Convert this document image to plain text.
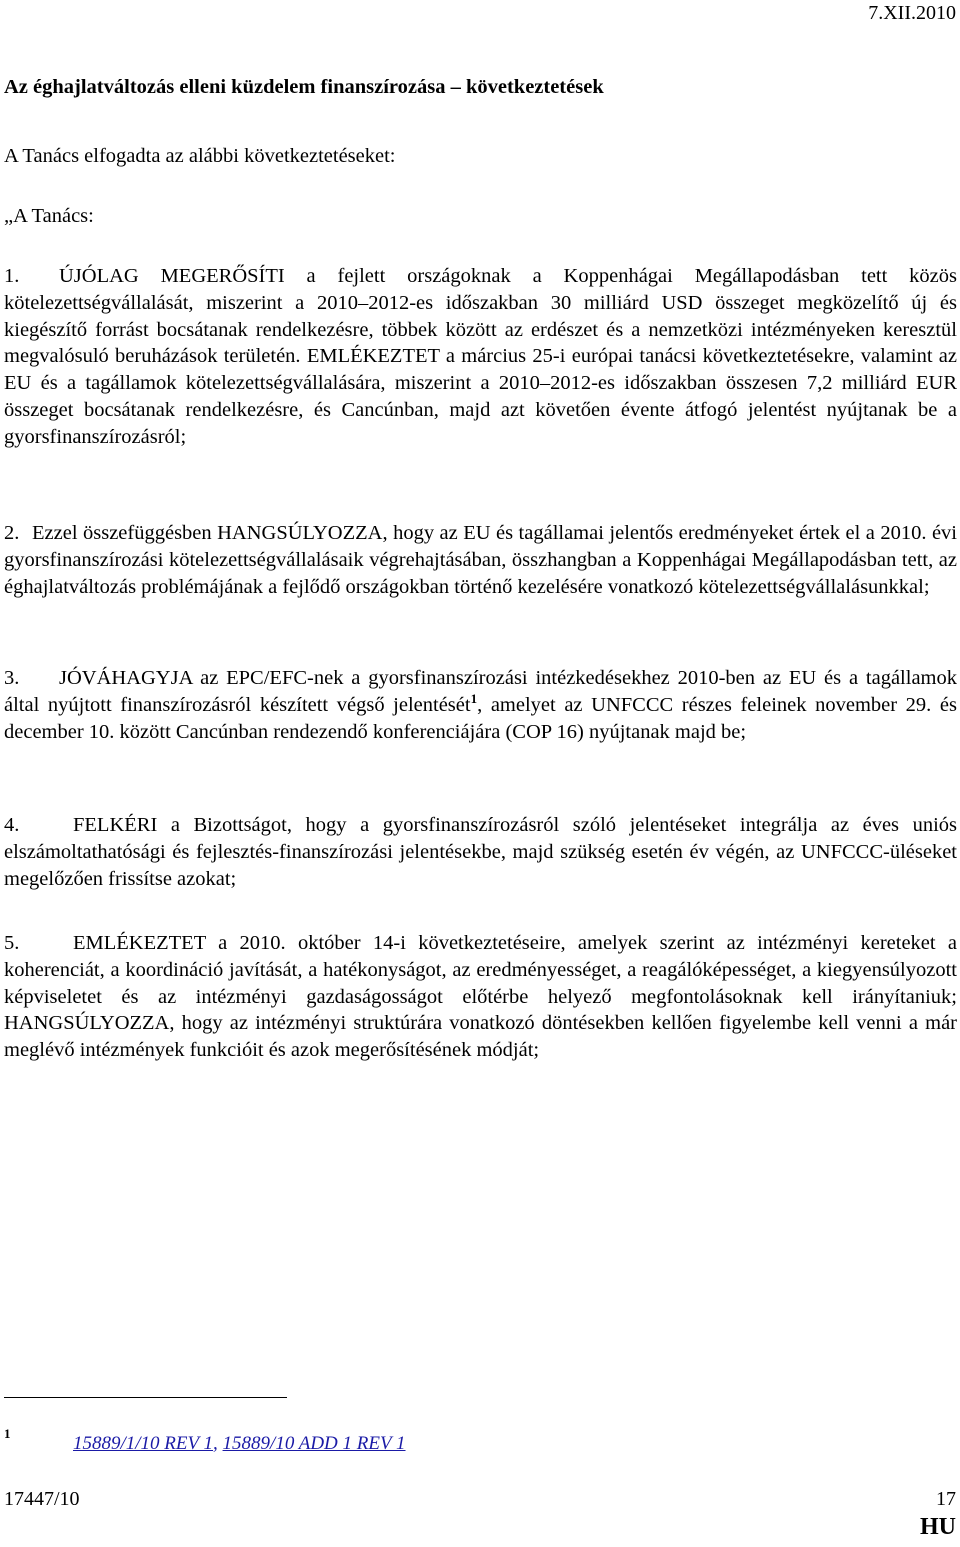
7.XII.2010
Az éghajlatváltozás elleni küzdelem finanszírozása – következtetések
A Tanács elfogadta az alábbi következtetéseket:
„A Tanács:
1. ÚJÓLAG MEGERŐSÍTI a fejlett országoknak a Koppenhágai Megállapodásban tett közös kötelezettségvállalását, miszerint a 2010–2012-es időszakban 30 milliárd USD összeget megközelítő új és kiegészítő forrást bocsátanak rendelkezésre, többek között az erdészet és a nemzetközi intézményeken keresztül megvalósuló beruházások területén. EMLÉKEZTET a március 25-i európai tanácsi következtetésekre, valamint az EU és a tagállamok kötelezettségvállalására, miszerint a 2010–2012-es időszakban összesen 7,2 milliárd EUR összeget bocsátanak rendelkezésre, és Cancúnban, majd azt követően évente átfogó jelentést nyújtanak be a gyorsfinanszírozásról;
2. Ezzel összefüggésben HANGSÚLYOZZA, hogy az EU és tagállamai jelentős eredményeket értek el a 2010. évi gyorsfinanszírozási kötelezettségvállalásaik végrehajtásában, összhangban a Koppenhágai Megállapodásban tett, az éghajlatváltozás problémájának a fejlődő országokban történő kezelésére vonatkozó kötelezettségvállalásunkkal;
3. JÓVÁHAGYJA az EPC/EFC-nek a gyorsfinanszírozási intézkedésekhez 2010-ben az EU és a tagállamok által nyújtott finanszírozásról készített végső jelentését$^1$, amelyet az UNFCCC részes feleinek november 29. és december 10. között Cancúnban rendezendő konferenciájára (COP 16) nyújtanak majd be;
4.	FELKÉRI a Bizottságot, hogy a gyorsfinanszírozásról szóló jelentéseket integrálja az éves uniós elszámoltathatósági és fejlesztés-finanszírozási jelentésekbe, majd szükség esetén év végén, az UNFCCC-üléseket megelőzően frissítse azokat;
5.	EMLÉKEZTET a 2010. október 14-i következtetéseire, amelyek szerint az intézményi kereteket a koherenciát, a koordináció javítását, a hatékonyságot, az eredményességet, a reagálóképességet, a kiegyensúlyozott képviseletet és az intézményi gazdaságosságot előtérbe helyező megfontolásoknak kell irányítaniuk; HANGSÚLYOZZA, hogy az intézményi struktúrára vonatkozó döntésekben kellően figyelembe kell venni a már meglévő intézmények funkcióit és azok megerősítésének módját;
1	15889/1/10 REV 1, 15889/10 ADD 1 REV 1
17447/10	17
HU
